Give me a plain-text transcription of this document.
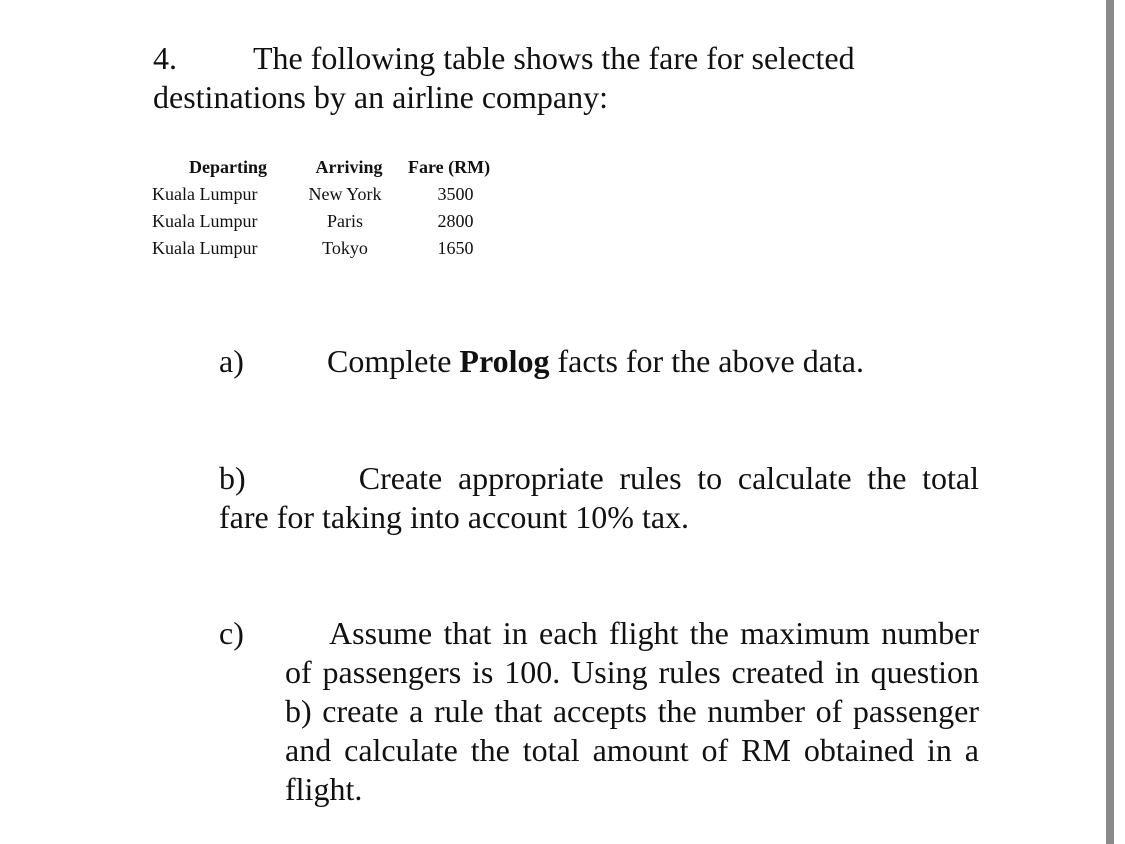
4. The following table shows the fare for selected
destinations by an airline company:
Departing	Arriving	Fare (RM)
Kuala Lumpur	New York	3500
Kuala Lumpur	Paris	2800
Kuala Lumpur	Tokyo	1650
a)	Complete Prolog facts for the above data.
b)	Create appropriate rules to calculate the total
fare for taking into account 10% tax.
c)	Assume that in each flight the maximum number
of passengers is 100. Using rules created in question
b) create a rule that accepts the number of passenger
and calculate the total amount of RM obtained in a
flight.
